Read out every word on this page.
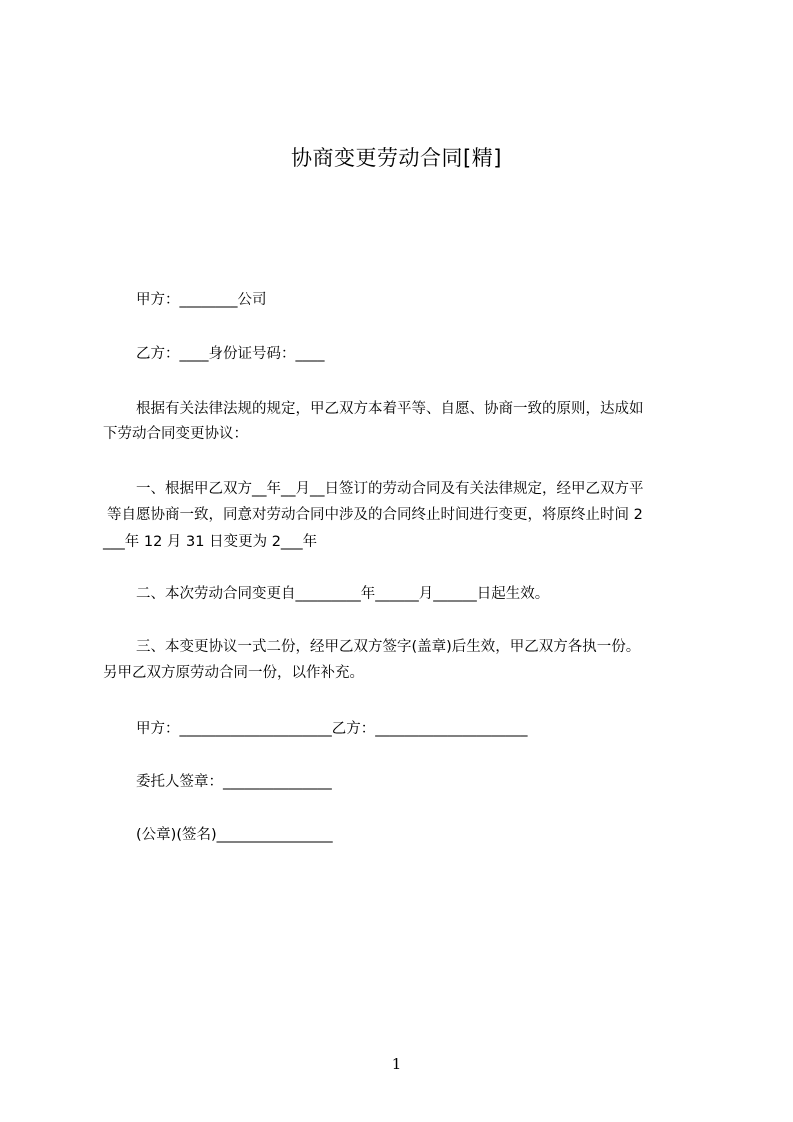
协商变更劳动合同[精]
甲方：________公司
乙方：____身份证号码：____
根据有关法律法规的规定，甲乙双方本着平等、自愿、协商一致的原则，达成如
下劳动合同变更协议：
一、根据甲乙双方__年__月__日签订的劳动合同及有关法律规定，经甲乙双方平
等自愿协商一致，同意对劳动合同中涉及的合同终止时间进行变更，将原终止时间 2
___年 12 月 31 日变更为 2___年
二、本次劳动合同变更自_________年______月______日起生效。
三、本变更协议一式二份，经甲乙双方签字(盖章)后生效，甲乙双方各执一份。
另甲乙双方原劳动合同一份，以作补充。
甲方：_____________________乙方：_____________________
委托人签章：_______________
(公章)(签名)________________
1
